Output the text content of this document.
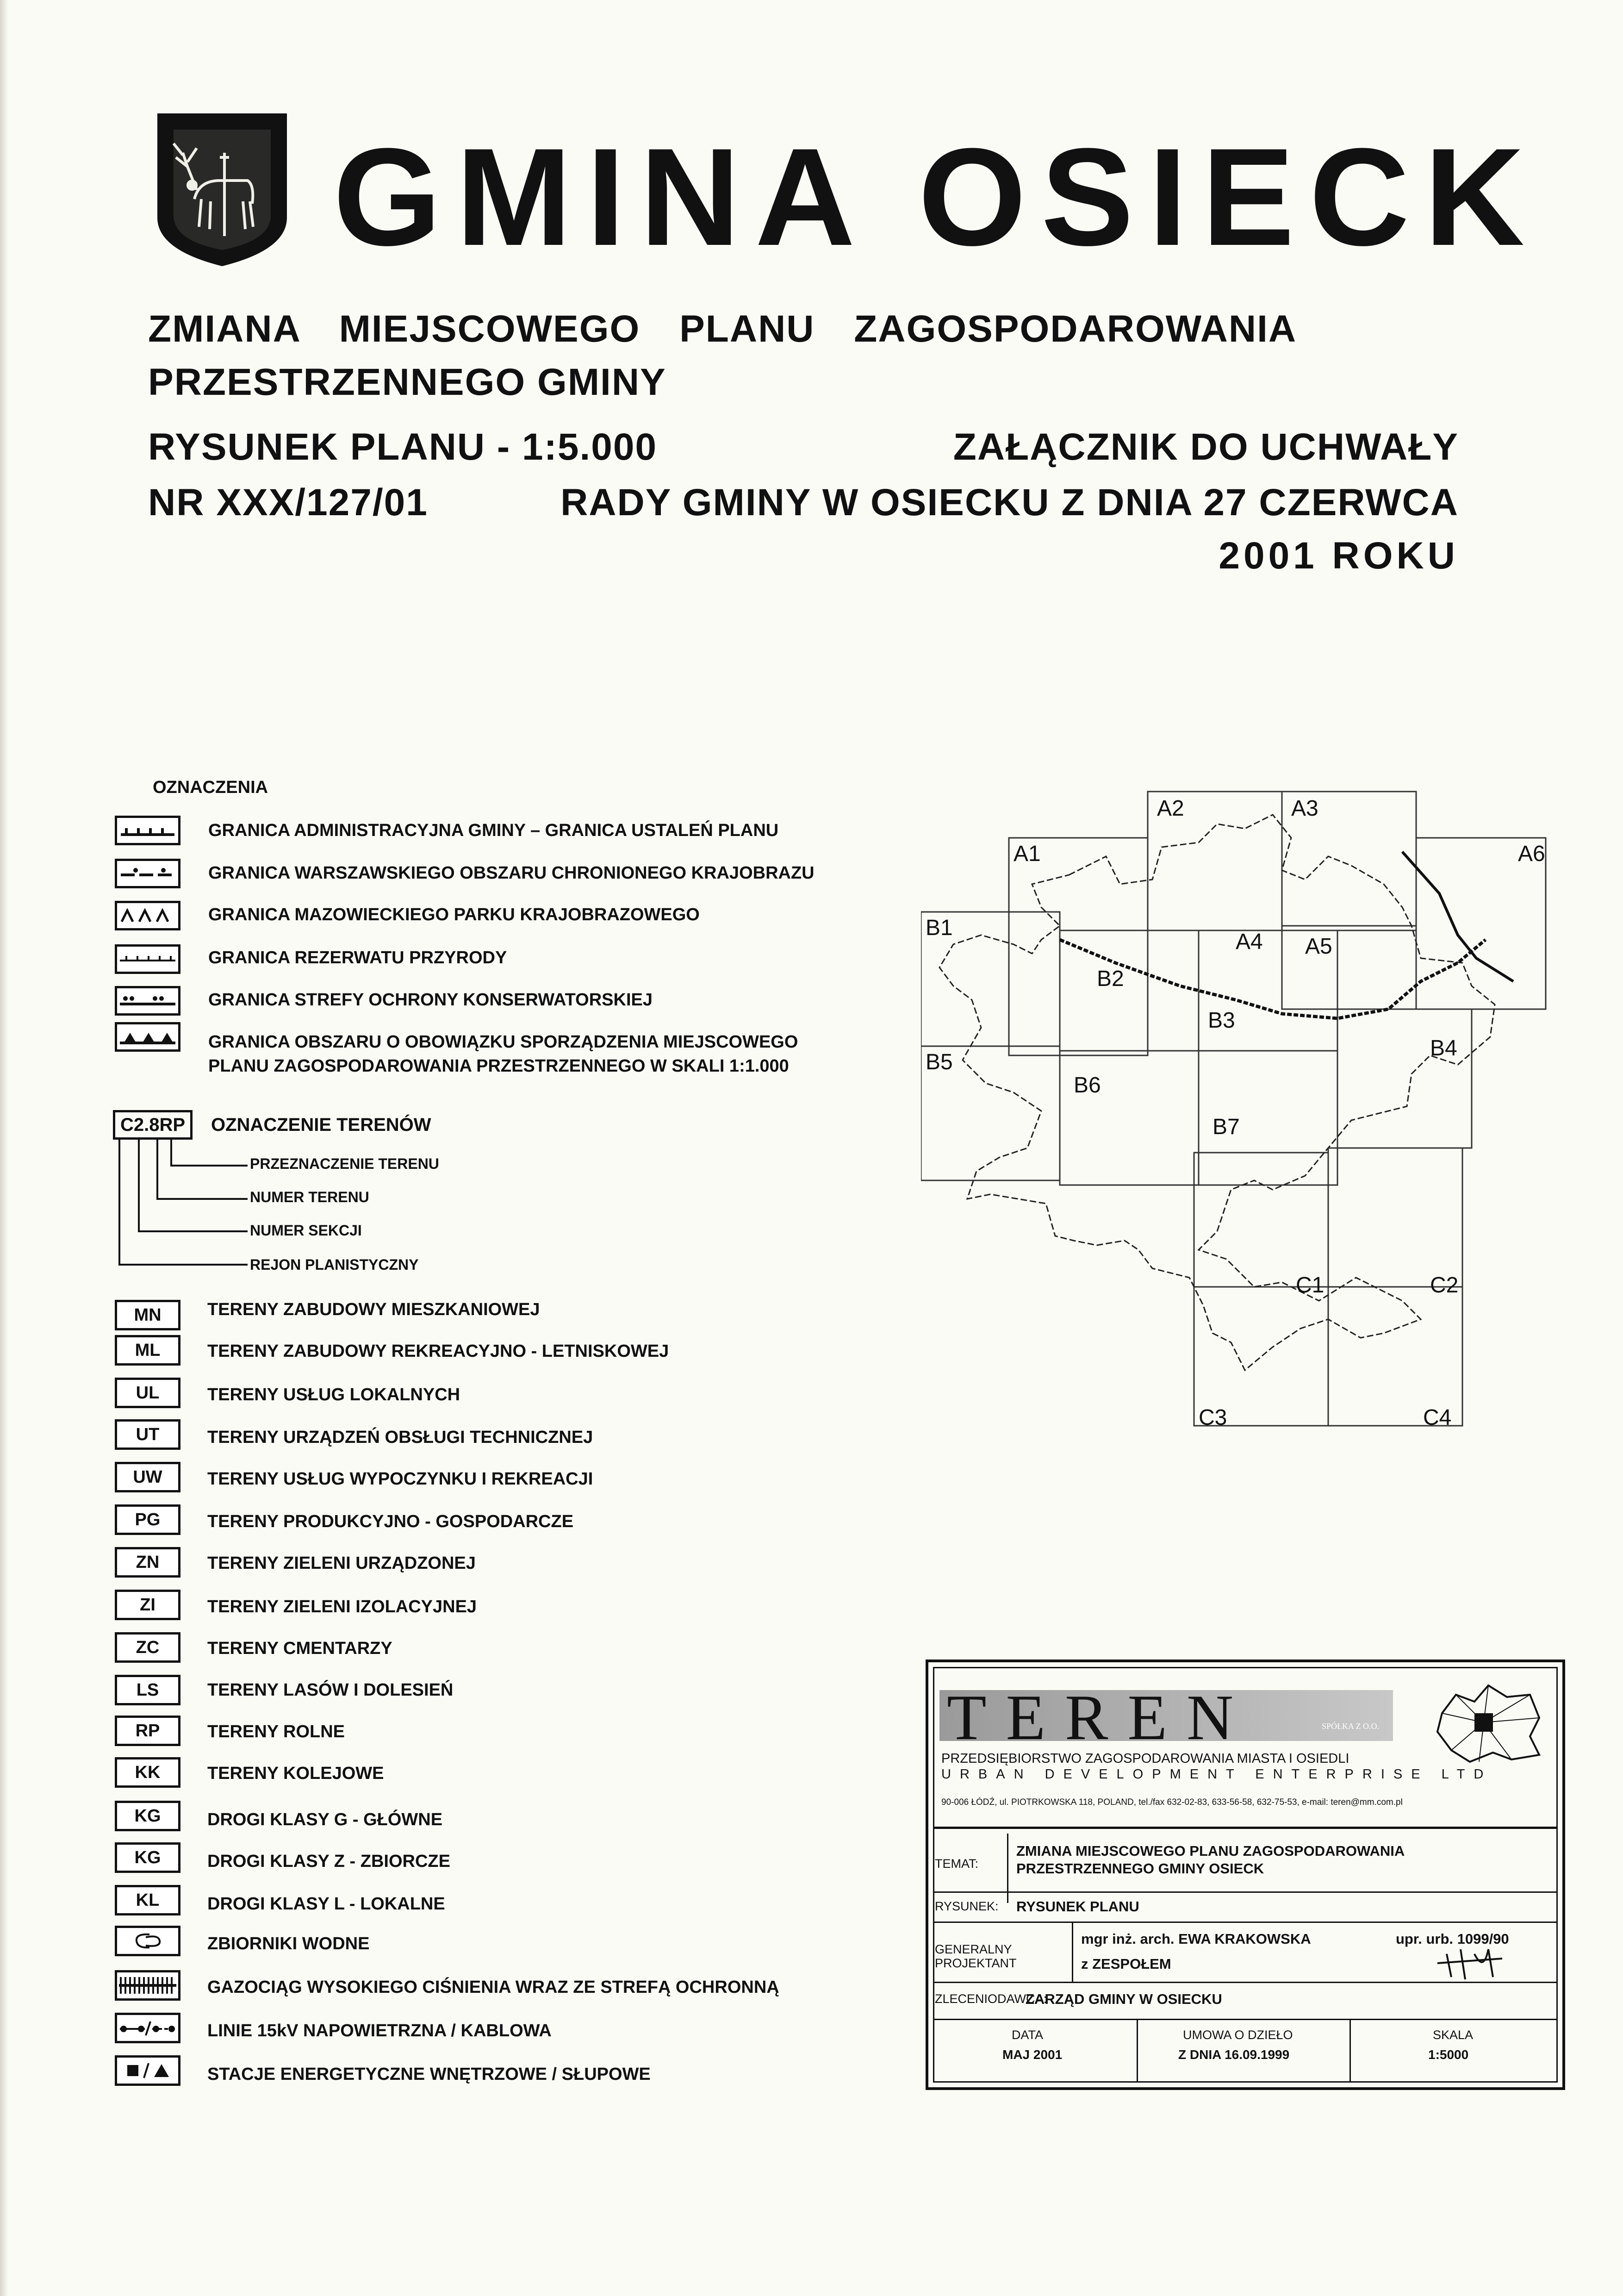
GMINA OSIECK
ZMIANA MIEJSCOWEGO PLANU ZAGOSPODAROWANIA
PRZESTRZENNEGO GMINY
RYSUNEK PLANU - 1:5.000	ZAŁĄCZNIK DO UCHWAŁY
NR XXX/127/01	RADY GMINY W OSIECKU Z DNIA 27 CZERWCA
2001 ROKU
OZNACZENIA
GRANICA ADMINISTRACYJNA GMINY – GRANICA USTALEŃ PLANU
GRANICA WARSZAWSKIEGO OBSZARU CHRONIONEGO KRAJOBRAZU
GRANICA MAZOWIECKIEGO PARKU KRAJOBRAZOWEGO
GRANICA REZERWATU PRZYRODY
GRANICA STREFY OCHRONY KONSERWATORSKIEJ
GRANICA OBSZARU O OBOWIĄZKU SPORZĄDZENIA MIEJSCOWEGO
PLANU ZAGOSPODAROWANIA PRZESTRZENNEGO W SKALI 1:1.000
C2.8RP	OZNACZENIE TERENÓW
PRZEZNACZENIE TERENU
NUMER TERENU
NUMER SEKCJI
REJON PLANISTYCZNY
MN	TERENY ZABUDOWY MIESZKANIOWEJ
ML	TERENY ZABUDOWY REKREACYJNO - LETNISKOWEJ
UL	TERENY USŁUG LOKALNYCH
UT	TERENY URZĄDZEŃ OBSŁUGI TECHNICZNEJ
UW	TERENY USŁUG WYPOCZYNKU I REKREACJI
PG	TERENY PRODUKCYJNO - GOSPODARCZE
ZN	TERENY ZIELENI URZĄDZONEJ
ZI	TERENY ZIELENI IZOLACYJNEJ
ZC	TERENY CMENTARZY
LS	TERENY LASÓW I DOLESIEŃ
RP	TERENY ROLNE
KK	TERENY KOLEJOWE
KG	DROGI KLASY G - GŁÓWNE
KG	DROGI KLASY Z - ZBIORCZE
KL	DROGI KLASY L - LOKALNE
ZBIORNIKI WODNE
GAZOCIĄG WYSOKIEGO CIŚNIENIA WRAZ ZE STREFĄ OCHRONNĄ
LINIE 15kV NAPOWIETRZNA / KABLOWA
STACJE ENERGETYCZNE WNĘTRZOWE / SŁUPOWE
A1
A2	A3
A4 A5
A6
B1
B2
B3
B4
B5
B6
B7
C1	C2
C3	C4
TEREN	SPÓŁKA Z O.O.
PRZEDSIĘBIORSTWO ZAGOSPODAROWANIA MIASTA I OSIEDLI
URBAN DEVELOPMENT ENTERPRISE LTD
90-006 ŁÓDŹ, ul. PIOTRKOWSKA 118, POLAND, tel./fax 632-02-83, 633-56-58, 632-75-53, e-mail: teren@mm.com.pl
TEMAT:
ZMIANA MIEJSCOWEGO PLANU ZAGOSPODAROWANIA
PRZESTRZENNEGO GMINY OSIECK
RYSUNEK: RYSUNEK PLANU
GENERALNY
PROJEKTANT
mgr inż. arch. EWA KRAKOWSKA
z ZESPOŁEM
upr. urb. 1099/90
ZLECENIODAWCA:
ZARZĄD GMINY W OSIECKU
DATA
MAJ 2001
UMOWA O DZIEŁO
Z DNIA 16.09.1999
SKALA
1:5000
